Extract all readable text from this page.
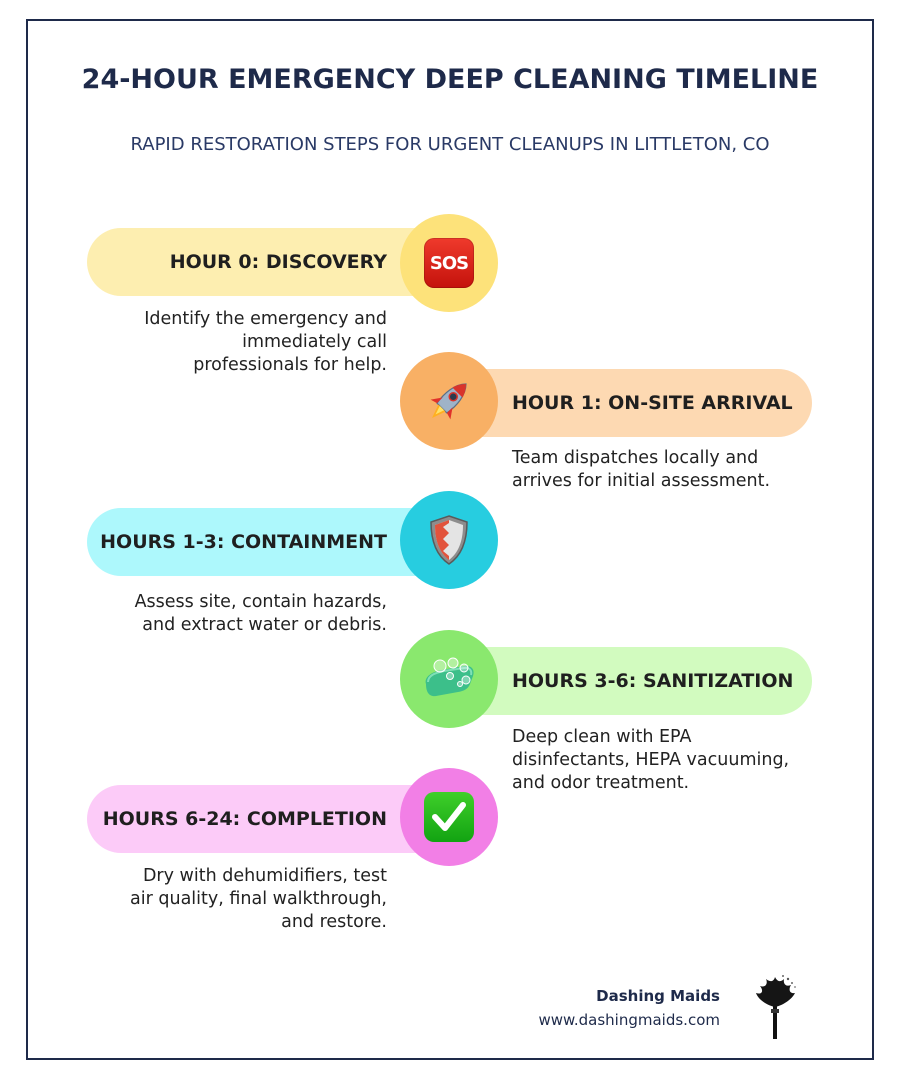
24-HOUR EMERGENCY DEEP CLEANING TIMELINE
RAPID RESTORATION STEPS FOR URGENT CLEANUPS IN LITTLETON, CO
HOUR 0: DISCOVERY	SOS
Identify the emergency and
immediately call
professionals for help.
HOUR 1: ON-SITE ARRIVAL
Team dispatches locally and
arrives for initial assessment.
HOURS 1-3: CONTAINMENT
Assess site, contain hazards,
and extract water or debris.
HOURS 3-6: SANITIZATION
Deep clean with EPA
disinfectants, HEPA vacuuming,
and odor treatment.
HOURS 6-24: COMPLETION
Dry with dehumidifiers, test
air quality, final walkthrough,
and restore.
Dashing Maids
www.dashingmaids.com
